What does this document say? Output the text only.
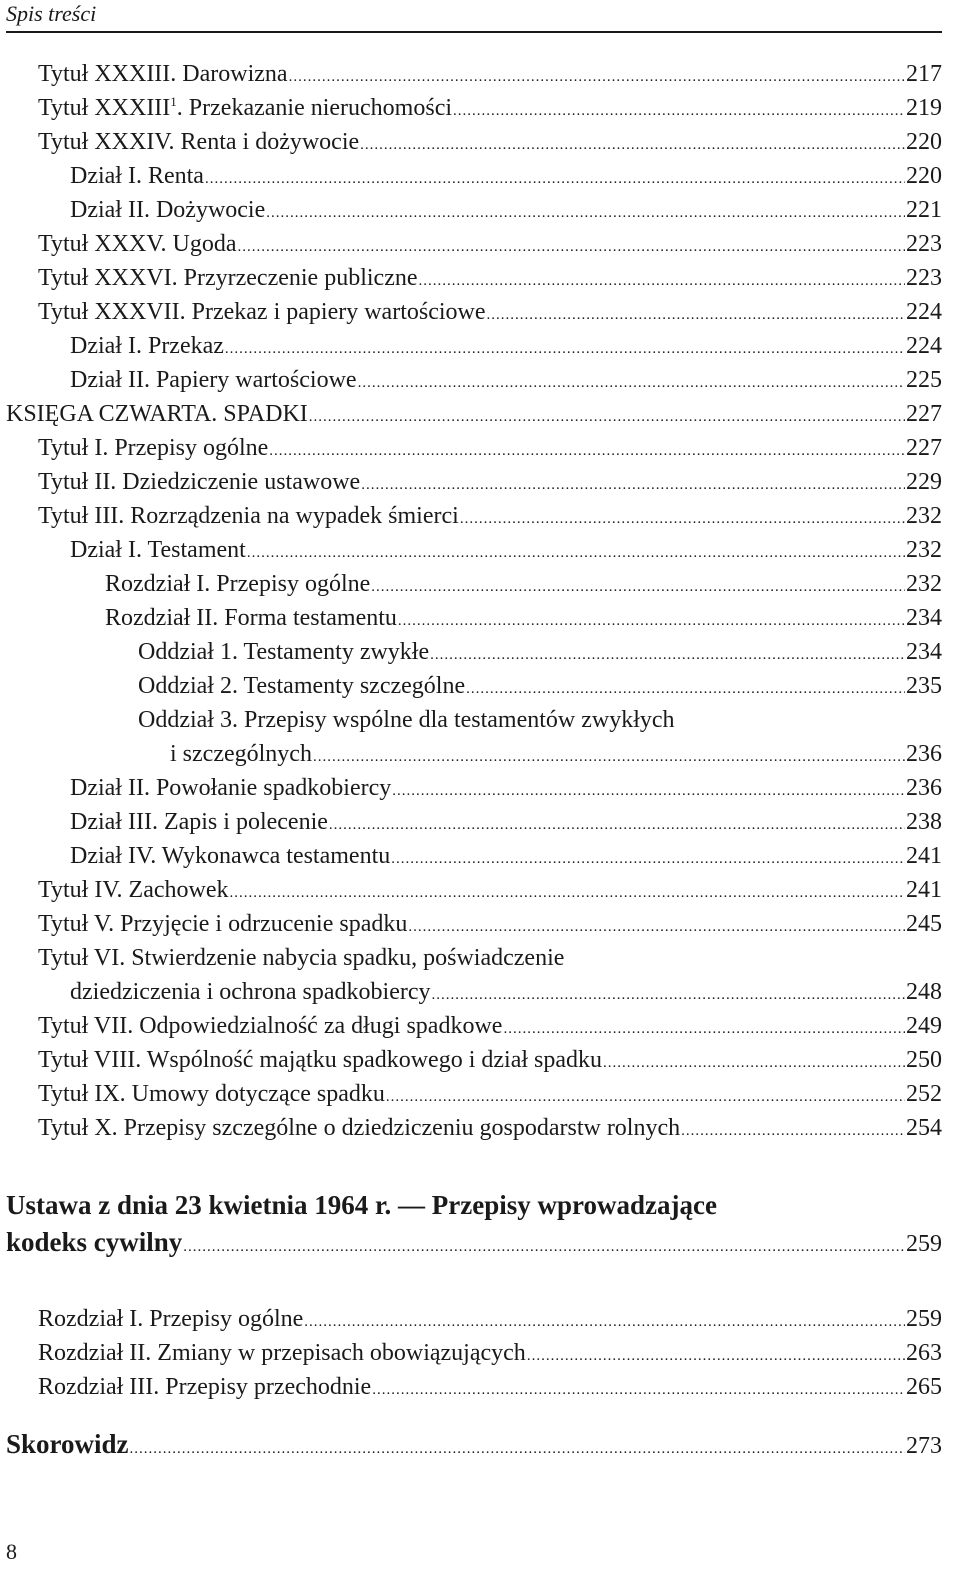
Spis treści
Tytuł XXXIII. Darowizna .....	217
Tytuł XXXIII$^1$. Przekazanie nieruchomości .....	219
Tytuł XXXIV. Renta i dożywocie .....	220
Dział I. Renta .....	220
Dział II. Dożywocie .....	221
Tytuł XXXV. Ugoda .....	223
Tytuł XXXVI. Przyrzeczenie publiczne .....	223
Tytuł XXXVII. Przekaz i papiery wartościowe .....	224
Dział I. Przekaz .....	224
Dział II. Papiery wartościowe .....	225
KSIĘGA CZWARTA. SPADKI .....	227
Tytuł I. Przepisy ogólne .....	227
Tytuł II. Dziedziczenie ustawowe .....	229
Tytuł III. Rozrządzenia na wypadek śmierci .....	232
Dział I. Testament .....	232
Rozdział I. Przepisy ogólne .....	232
Rozdział II. Forma testamentu .....	234
Oddział 1. Testamenty zwykłe .....	234
Oddział 2. Testamenty szczególne .....	235
Oddział 3. Przepisy wspólne dla testamentów zwykłych
i szczególnych .....	236
Dział II. Powołanie spadkobiercy .....	236
Dział III. Zapis i polecenie .....	238
Dział IV. Wykonawca testamentu .....	241
Tytuł IV. Zachowek .....	241
Tytuł V. Przyjęcie i odrzucenie spadku .....	245
Tytuł VI. Stwierdzenie nabycia spadku, poświadczenie
dziedziczenia i ochrona spadkobiercy .....	248
Tytuł VII. Odpowiedzialność za długi spadkowe .....	249
Tytuł VIII. Wspólność majątku spadkowego i dział spadku .....	250
Tytuł IX. Umowy dotyczące spadku .....	252
Tytuł X. Przepisy szczególne o dziedziczeniu gospodarstw rolnych .....	254
Ustawa z dnia 23 kwietnia 1964 r. — Przepisy wprowadzające
kodeks cywilny .....	259
Rozdział I. Przepisy ogólne .....	259
Rozdział II. Zmiany w przepisach obowiązujących .....	263
Rozdział III. Przepisy przechodnie .....	265
Skorowidz .....	273
8
